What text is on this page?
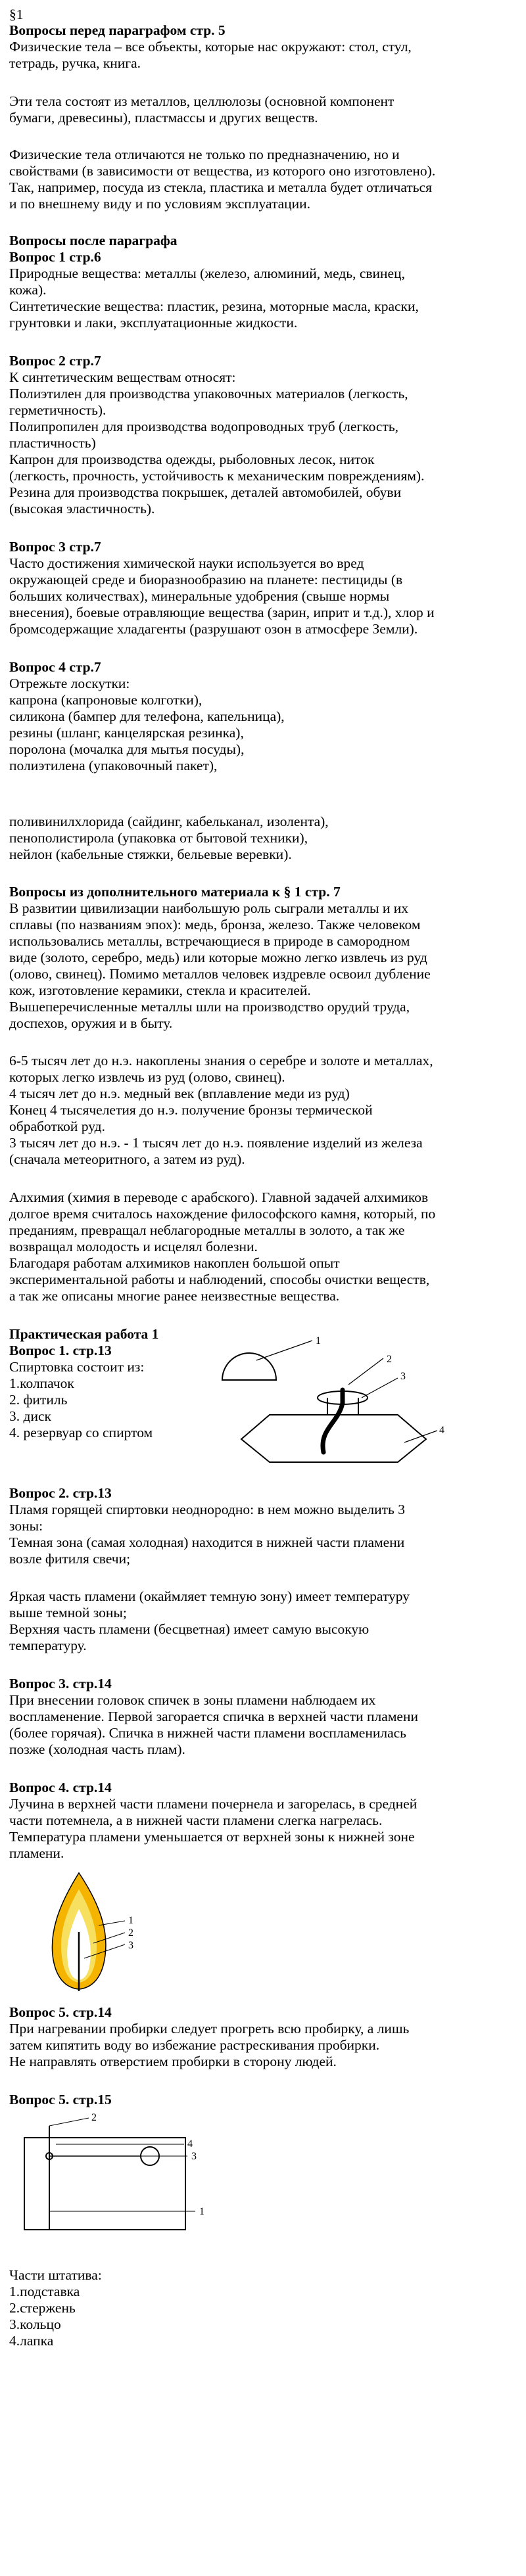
§1
Вопросы перед параграфом стр. 5
Физические тела – все объекты, которые нас окружают: стол, стул,
тетрадь, ручка, книга.
Эти тела состоят из металлов, целлюлозы (основной компонент
бумаги, древесины), пластмассы и других веществ.
Физические тела отличаются не только по предназначению, но и
свойствами (в зависимости от вещества, из которого оно изготовлено).
Так, например, посуда из стекла, пластика и металла будет отличаться
и по внешнему виду и по условиям эксплуатации.
Вопросы после параграфа
Вопрос 1 стр.6
Природные вещества: металлы (железо, алюминий, медь, свинец,
кожа).
Синтетические вещества: пластик, резина, моторные масла, краски,
грунтовки и лаки, эксплуатационные жидкости.
Вопрос 2 стр.7
К синтетическим веществам относят:
Полиэтилен для производства упаковочных материалов (легкость,
герметичность).
Полипропилен для производства водопроводных труб (легкость,
пластичность)
Капрон для производства одежды, рыболовных лесок, ниток
(легкость, прочность, устойчивость к механическим повреждениям).
Резина для производства покрышек, деталей автомобилей, обуви
(высокая эластичность).
Вопрос 3 стр.7
Часто достижения химической науки используется во вред
окружающей среде и биоразнообразию на планете: пестициды (в
больших количествах), минеральные удобрения (свыше нормы
внесения), боевые отравляющие вещества (зарин, иприт и т.д.), хлор и
бромсодержащие хладагенты (разрушают озон в атмосфере Земли).
Вопрос 4 стр.7
Отрежьте лоскутки:
капрона (капроновые колготки),
силикона (бампер для телефона, капельница),
резины (шланг, канцелярская резинка),
поролона (мочалка для мытья посуды),
полиэтилена (упаковочный пакет),
поливинилхлорида (сайдинг, кабельканал, изолента),
пенополистирола (упаковка от бытовой техники),
нейлон (кабельные стяжки, бельевые веревки).
Вопросы из дополнительного материала к § 1 стр. 7
В развитии цивилизации наибольшую роль сыграли металлы и их
сплавы (по названиям эпох): медь, бронза, железо. Также человеком
использовались металлы, встречающиеся в природе в самородном
виде (золото, серебро, медь) или которые можно легко извлечь из руд
(олово, свинец). Помимо металлов человек издревле освоил дубление
кож, изготовление керамики, стекла и красителей.
Вышеперечисленные металлы шли на производство орудий труда,
доспехов, оружия и в быту.
6-5 тысяч лет до н.э. накоплены знания о серебре и золоте и металлах,
которых легко извлечь из руд (олово, свинец).
4 тысяч лет до н.э. медный век (вплавление меди из руд)
Конец 4 тысячелетия до н.э. получение бронзы термической
обработкой руд.
3 тысяч лет до н.э. - 1 тысяч лет до н.э. появление изделий из железа
(сначала метеоритного, а затем из руд).
Алхимия (химия в переводе с арабского). Главной задачей алхимиков
долгое время считалось нахождение философского камня, который, по
преданиям, превращал неблагородные металлы в золото, а так же
возвращал молодость и исцелял болезни.
Благодаря работам алхимиков накоплен большой опыт
экспериментальной работы и наблюдений, способы очистки веществ,
а так же описаны многие ранее неизвестные вещества.
Практическая работа 1
Вопрос 1. стр.13
Спиртовка состоит из:
1.колпачок
2. фитиль
3. диск
4. резервуар со спиртом
1
2
3
4
Вопрос 2. стр.13
Пламя горящей спиртовки неоднородно: в нем можно выделить 3
зоны:
Темная зона (самая холодная) находится в нижней части пламени
возле фитиля свечи;
Яркая часть пламени (окаймляет темную зону) имеет температуру
выше темной зоны;
Верхняя часть пламени (бесцветная) имеет самую высокую
температуру.
Вопрос 3. стр.14
При внесении головок спичек в зоны пламени наблюдаем их
воспламенение. Первой загорается спичка в верхней части пламени
(более горячая). Спичка в нижней части пламени воспламенилась
позже (холодная часть плам).
Вопрос 4. стр.14
Лучина в верхней части пламени почернела и загорелась, в средней
части потемнела, а в нижней части пламени слегка нагрелась.
Температура пламени уменьшается от верхней зоны к нижней зоне
пламени.
1
2
3
Вопрос 5. стр.14
При нагревании пробирки следует прогреть всю пробирку, а лишь
затем кипятить воду во избежание растрескивания пробирки.
Не направлять отверстием пробирки в сторону людей.
Вопрос 5. стр.15
2
4
3
1
Части штатива:
1.подставка
2.стержень
3.кольцо
4.лапка
